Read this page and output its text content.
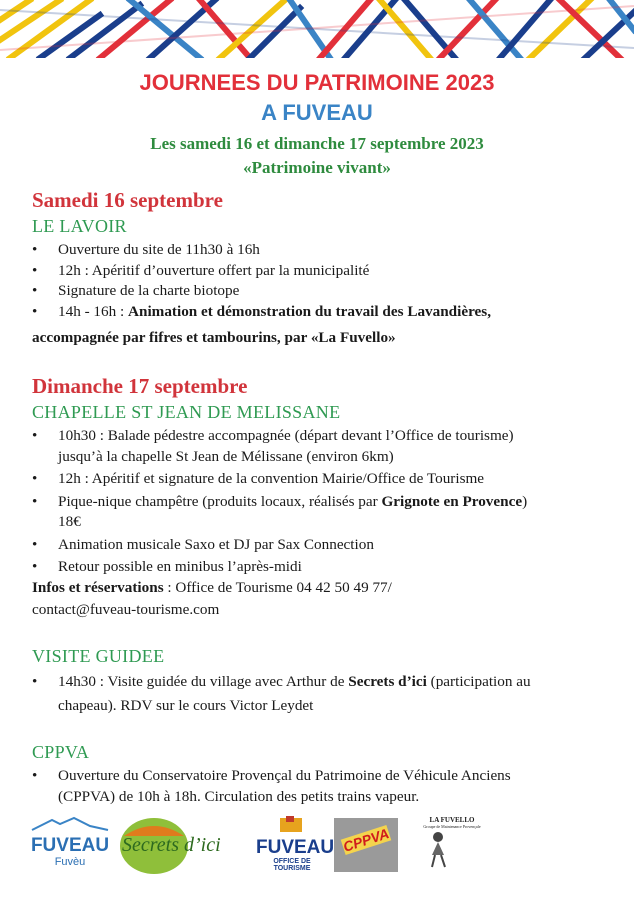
JOURNEES DU PATRIMOINE 2023
A FUVEAU
Les samedi 16 et dimanche 17 septembre 2023
«Patrimoine vivant»
Samedi 16 septembre
LE LAVOIR
• Ouverture du site de 11h30 à 16h
• 12h : Apéritif d’ouverture offert par la municipalité
• Signature de la charte biotope
• 14h - 16h : Animation et démonstration du travail des Lavandières,
accompagnée par fifres et tambourins, par «La Fuvello»
Dimanche 17 septembre
CHAPELLE ST JEAN DE MELISSANE
• 10h30 : Balade pédestre accompagnée (départ devant l’Office de tourisme)
jusqu’à la chapelle St Jean de Mélissane (environ 6km)
• 12h : Apéritif et signature de la convention Mairie/Office de Tourisme
• Pique-nique champêtre (produits locaux, réalisés par Grignote en Provence)
18€
• Animation musicale Saxo et DJ par Sax Connection
• Retour possible en minibus l’après-midi
Infos et réservations : Office de Tourisme 04 42 50 49 77/
contact@fuveau-tourisme.com
VISITE GUIDEE
• 14h30 : Visite guidée du village avec Arthur de Secrets d’ici (participation au
chapeau). RDV sur le cours Victor Leydet
CPPVA
• Ouverture du Conservatoire Provençal du Patrimoine de Véhicule Anciens
(CPPVA) de 10h à 18h. Circulation des petits trains vapeur.
FUVEAU
Fuvèu
Secrets d’ici FUVEAU
OFFICE DE TOURISME
CPPVA
LA FUVELLO
Groupe de Maintenance Provençale
